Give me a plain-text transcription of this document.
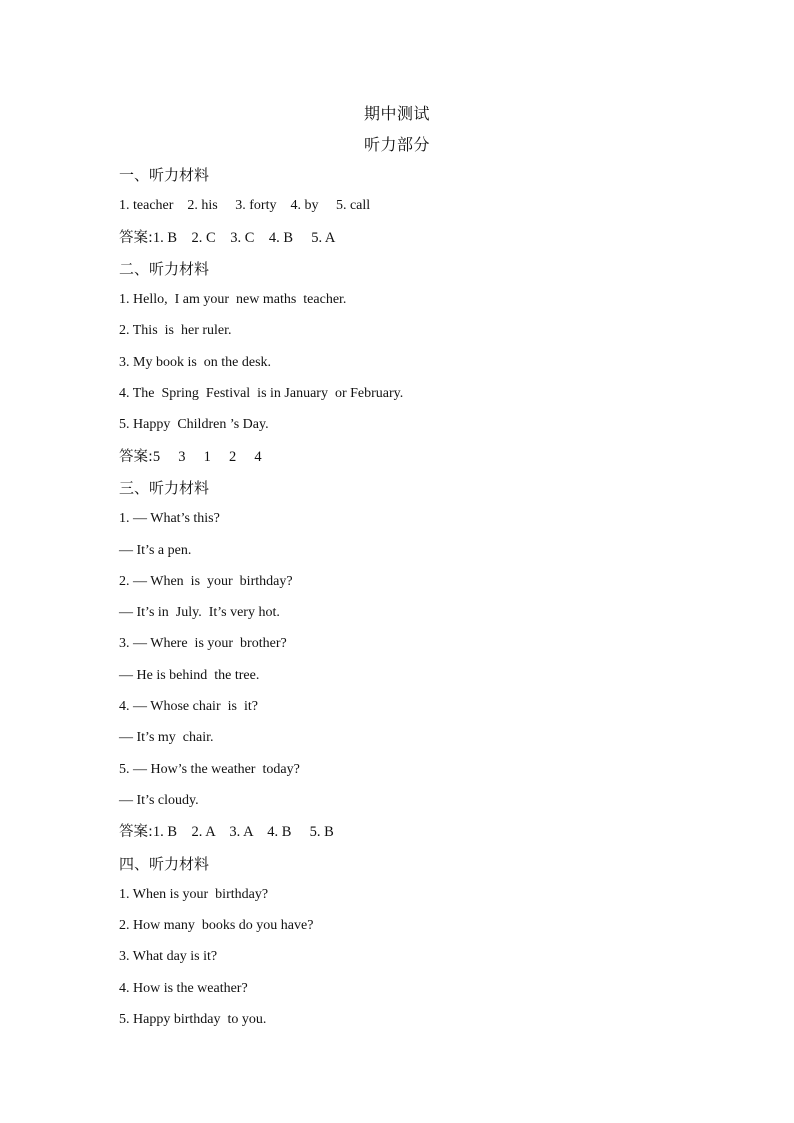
期中测试
听力部分
一、听力材料
1. teacher    2. his     3. forty    4. by     5. call
答案:1. B    2. C    3. C    4. B     5. A
二、听力材料
1. Hello,  I am your  new maths  teacher.
2. This  is  her ruler.
3. My book is  on the desk.
4. The  Spring  Festival  is in January  or February.
5. Happy  Children ’s Day.
答案:5     3     1     2     4
三、听力材料
1. — What’s this?
— It’s a pen.
2. — When  is  your  birthday?
— It’s in  July.  It’s very hot.
3. — Where  is your  brother?
— He is behind  the tree.
4. — Whose chair  is  it?
— It’s my  chair.
5. — How’s the weather  today?
— It’s cloudy.
答案:1. B    2. A    3. A    4. B     5. B
四、听力材料
1. When is your  birthday?
2. How many  books do you have?
3. What day is it?
4. How is the weather?
5. Happy birthday  to you.
